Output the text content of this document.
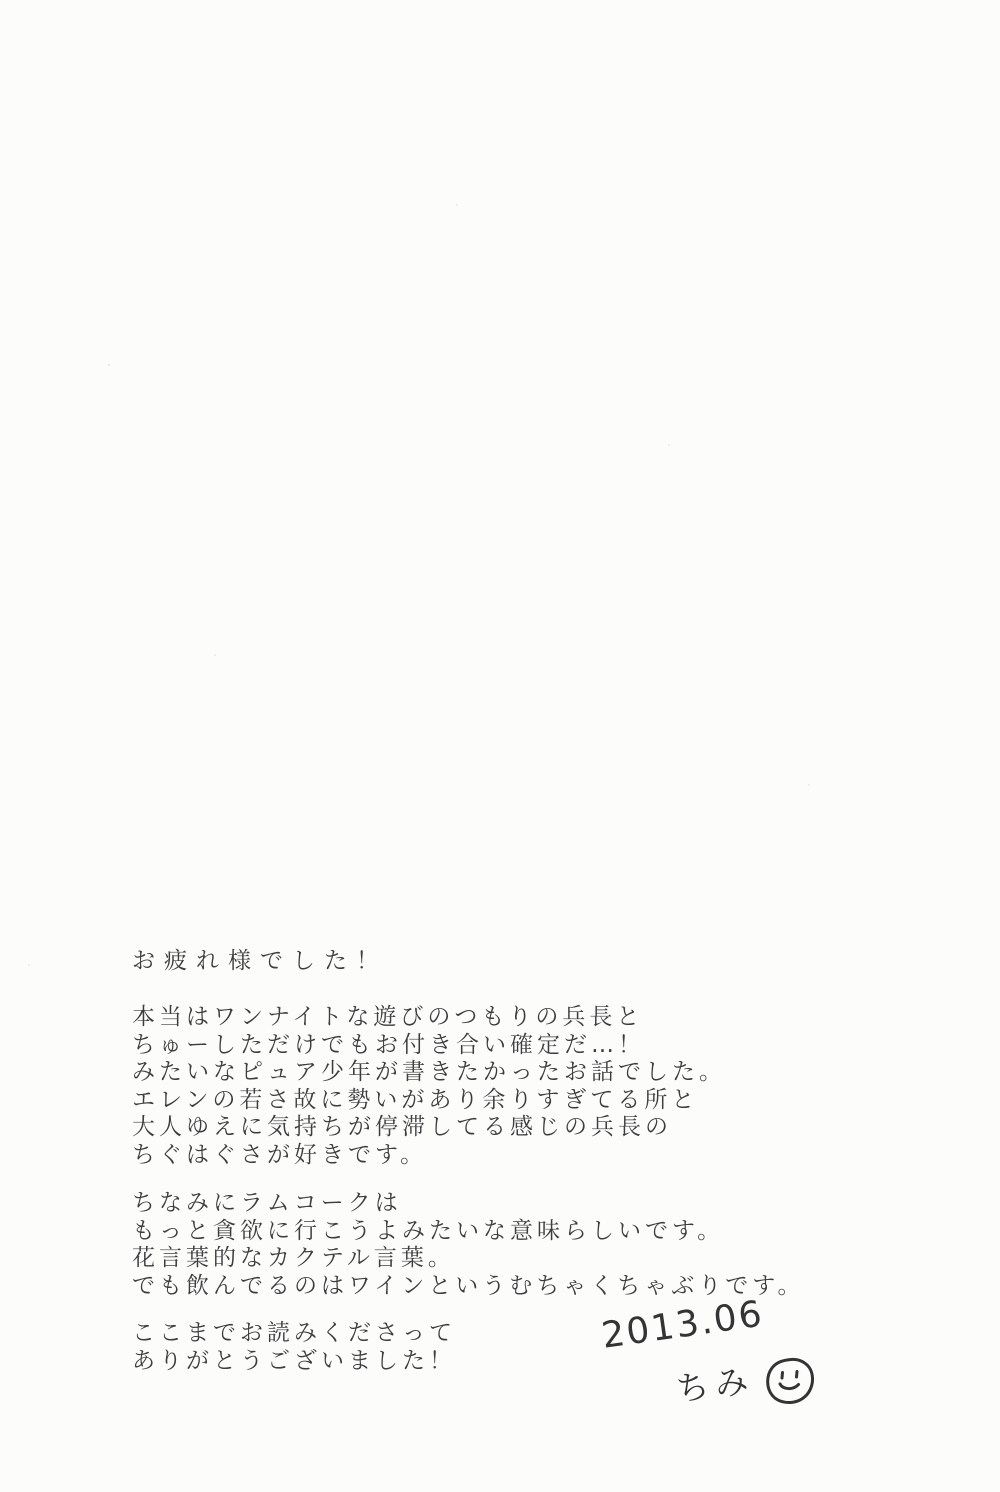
お疲れ様でした！
本当はワンナイトな遊びのつもりの兵長と
ちゅーしただけでもお付き合い確定だ…！
みたいなピュア少年が書きたかったお話でした。
エレンの若さ故に勢いがあり余りすぎてる所と
大人ゆえに気持ちが停滞してる感じの兵長の
ちぐはぐさが好きです。
ちなみにラムコークは
もっと貪欲に行こうよみたいな意味らしいです。
花言葉的なカクテル言葉。
でも飲んでるのはワインというむちゃくちゃぶりです。
ここまでお読みくださって
ありがとうございました！
2013.06
ちみ
